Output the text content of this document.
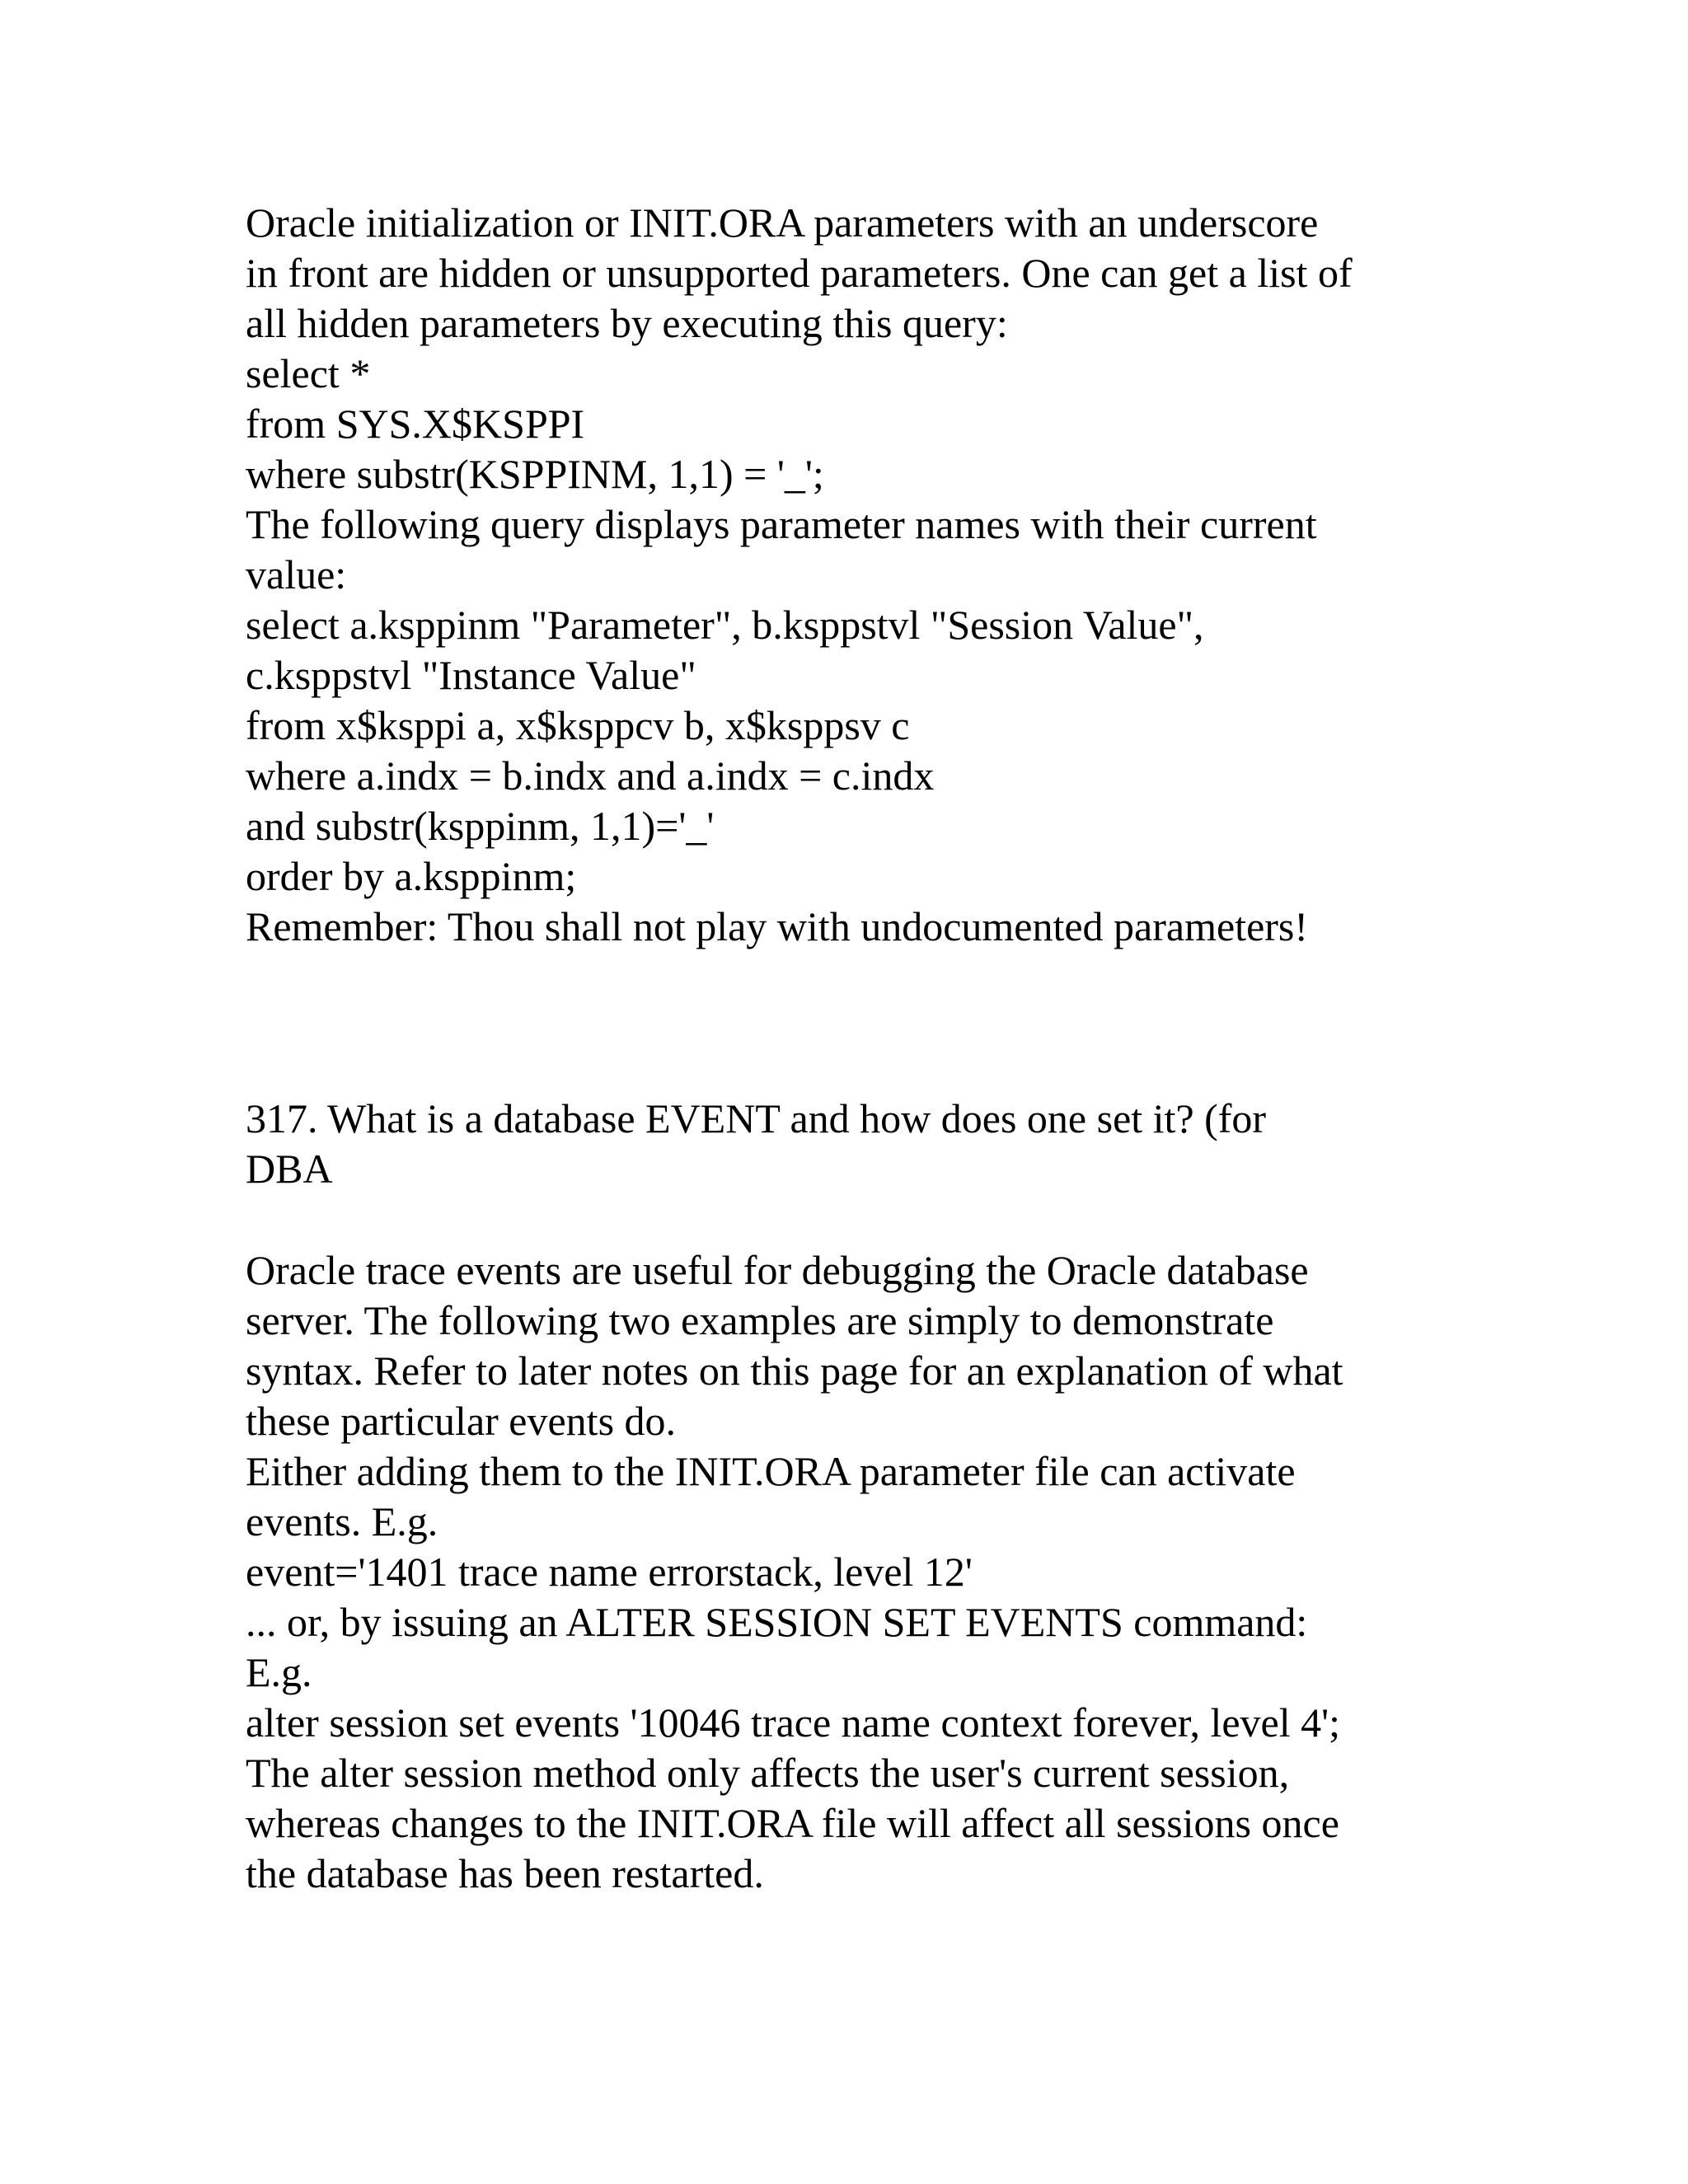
Oracle initialization or INIT.ORA parameters with an underscore

in front are hidden or unsupported parameters. One can get a list of

all hidden parameters by executing this query:

select *

from SYS.X$KSPPI

where substr(KSPPINM, 1,1) = '_';

The following query displays parameter names with their current

value:

select a.ksppinm "Parameter", b.ksppstvl "Session Value",

c.ksppstvl "Instance Value"

from x$ksppi a, x$ksppcv b, x$ksppsv c

where a.indx = b.indx and a.indx = c.indx

and substr(ksppinm, 1,1)='_'

order by a.ksppinm;

Remember: Thou shall not play with undocumented parameters!

317. What is a database EVENT and how does one set it? (for

DBA

Oracle trace events are useful for debugging the Oracle database

server. The following two examples are simply to demonstrate

syntax. Refer to later notes on this page for an explanation of what

these particular events do.

Either adding them to the INIT.ORA parameter file can activate

events. E.g.

event='1401 trace name errorstack, level 12'

... or, by issuing an ALTER SESSION SET EVENTS command:

E.g.

alter session set events '10046 trace name context forever, level 4';

The alter session method only affects the user's current session,

whereas changes to the INIT.ORA file will affect all sessions once

the database has been restarted.
